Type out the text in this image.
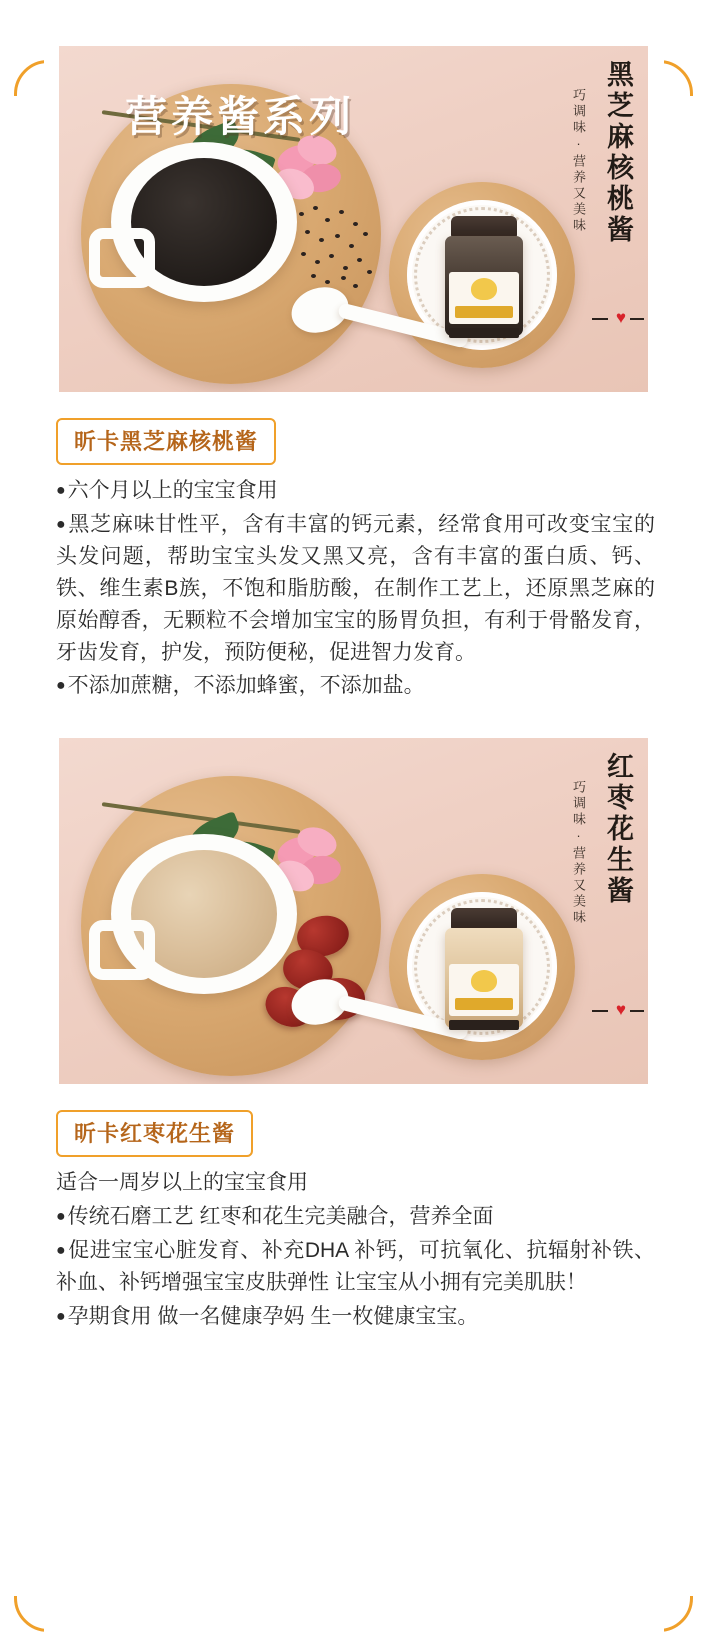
营养酱系列	黑芝麻核桃酱
巧调味·营养又美味
♥
昕卡黑芝麻核桃酱

● 六个月以上的宝宝食用

● 黑芝麻味甘性平，含有丰富的钙元素，经常食用可改变宝宝的头发问题，帮助宝宝头发又黑又亮，含有丰富的蛋白质、钙、铁、维生素B族，不饱和脂肪酸，在制作工艺上，还原黑芝麻的原始醇香，无颗粒不会增加宝宝的肠胃负担，有利于骨骼发育，牙齿发育，护发，预防便秘，促进智力发育。

● 不添加蔗糖，不添加蜂蜜，不添加盐。

红枣花生酱
巧调味·营养又美味
♥
昕卡红枣花生酱

适合一周岁以上的宝宝食用

● 传统石磨工艺 红枣和花生完美融合，营养全面

● 促进宝宝心脏发育、补充DHA 补钙，可抗氧化、抗辐射补铁、补血、补钙增强宝宝皮肤弹性 让宝宝从小拥有完美肌肤！

● 孕期食用 做一名健康孕妈 生一枚健康宝宝。
